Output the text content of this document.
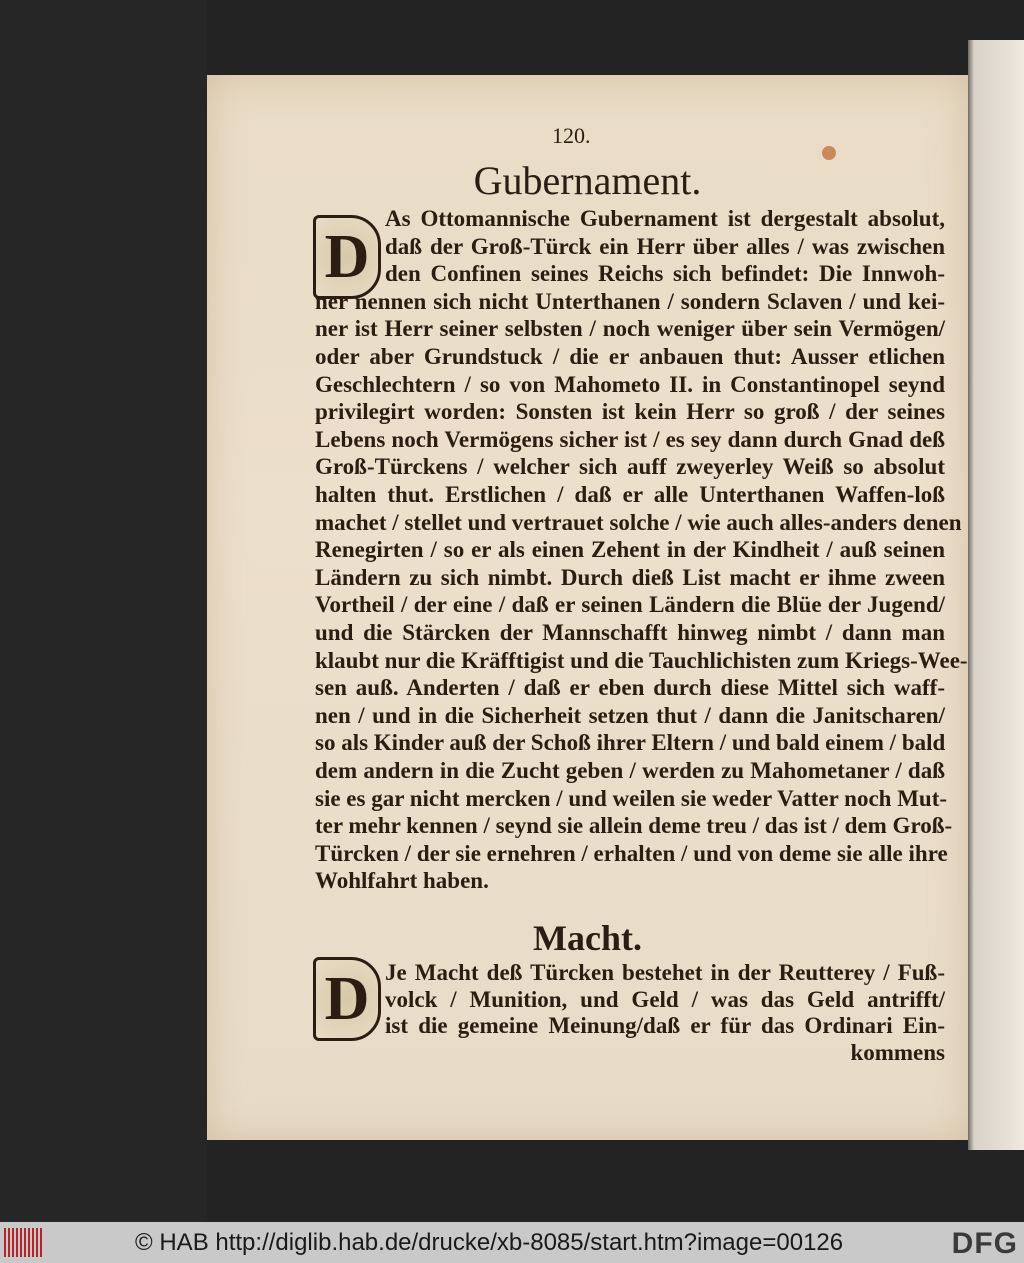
120.
Gubernament.
D
Macht.
D
As Ottomannische Gubernament ist dergestalt absolut,
daß der Groß-Türck ein Herr über alles / was zwischen
den Confinen seines Reichs sich befindet: Die Innwoh-
ner nennen sich nicht Unterthanen / sondern Sclaven / und kei-
ner ist Herr seiner selbsten / noch weniger über sein Vermögen/
oder aber Grundstuck / die er anbauen thut: Ausser etlichen
Geschlechtern / so von Mahometo II. in Constantinopel seynd
privilegirt worden: Sonsten ist kein Herr so groß / der seines
Lebens noch Vermögens sicher ist / es sey dann durch Gnad deß
Groß-Türckens / welcher sich auff zweyerley Weiß so absolut
halten thut. Erstlichen / daß er alle Unterthanen Waffen-loß
machet / stellet und vertrauet solche / wie auch alles-anders denen
Renegirten / so er als einen Zehent in der Kindheit / auß seinen
Ländern zu sich nimbt. Durch dieß List macht er ihme zween
Vortheil / der eine / daß er seinen Ländern die Blüe der Jugend/
und die Stärcken der Mannschafft hinweg nimbt / dann man
klaubt nur die Kräfftigist und die Tauchlichisten zum Kriegs-Wee-
sen auß. Anderten / daß er eben durch diese Mittel sich waff-
nen / und in die Sicherheit setzen thut / dann die Janitscharen/
so als Kinder auß der Schoß ihrer Eltern / und bald einem / bald
dem andern in die Zucht geben / werden zu Mahometaner / daß
sie es gar nicht mercken / und weilen sie weder Vatter noch Mut-
ter mehr kennen / seynd sie allein deme treu / das ist / dem Groß-
Türcken / der sie ernehren / erhalten / und von deme sie alle ihre
Wohlfahrt haben.
Je Macht deß Türcken bestehet in der Reutterey / Fuß-
volck / Munition, und Geld / was das Geld antrifft/
ist die gemeine Meinung/daß er für das Ordinari Ein-
kommens
© HAB http://diglib.hab.de/drucke/xb-8085/start.htm?image=00126	DFG
